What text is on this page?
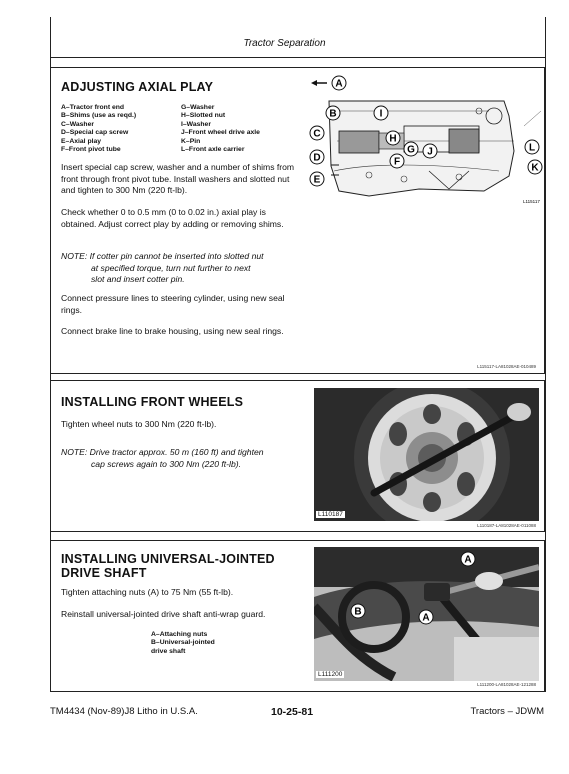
Tractor Separation
ADJUSTING AXIAL PLAY
A–Tractor front end
B–Shims (use as reqd.)
C–Washer
D–Special cap screw
E–Axial play
F–Front pivot tube
G–Washer
H–Slotted nut
I–Washer
J–Front wheel drive axle
K–Pin
L–Front axle carrier
Insert special cap screw, washer and a number of shims from front through front pivot tube. Install washers and slotted nut and tighten to 300 Nm (220 ft-lb).
Check whether 0 to 0.5 mm (0 to 0.02 in.) axial play is obtained. Adjust correct play by adding or removing shims.
NOTE: If cotter pin cannot be inserted into slotted nut
at specified torque, turn nut further to next
slot and insert cotter pin.
Connect pressure lines to steering cylinder, using new seal rings.
Connect brake line to brake housing, using new seal rings.
A
B	I
C	H
G J	L
D	F
K
E
L115117
L115117-LA81028AE-010489
INSTALLING FRONT WHEELS
Tighten wheel nuts to 300 Nm (220 ft-lb).
NOTE: Drive tractor approx. 50 m (160 ft) and tighten
cap screws again to 300 Nm (220 ft-lb).
L110187
L110187-LA81028AE-011088
INSTALLING UNIVERSAL-JOINTED
DRIVE SHAFT
Tighten attaching nuts (A) to 75 Nm (55 ft-lb).
Reinstall universal-jointed drive shaft anti-wrap guard.
A–Attaching nuts
B–Universal-jointed
drive shaft
A
B
A
L111200
L111200-LA81028AE-121288
TM4434 (Nov-89)J8 Litho in U.S.A.	10-25-81	Tractors – JDWM
